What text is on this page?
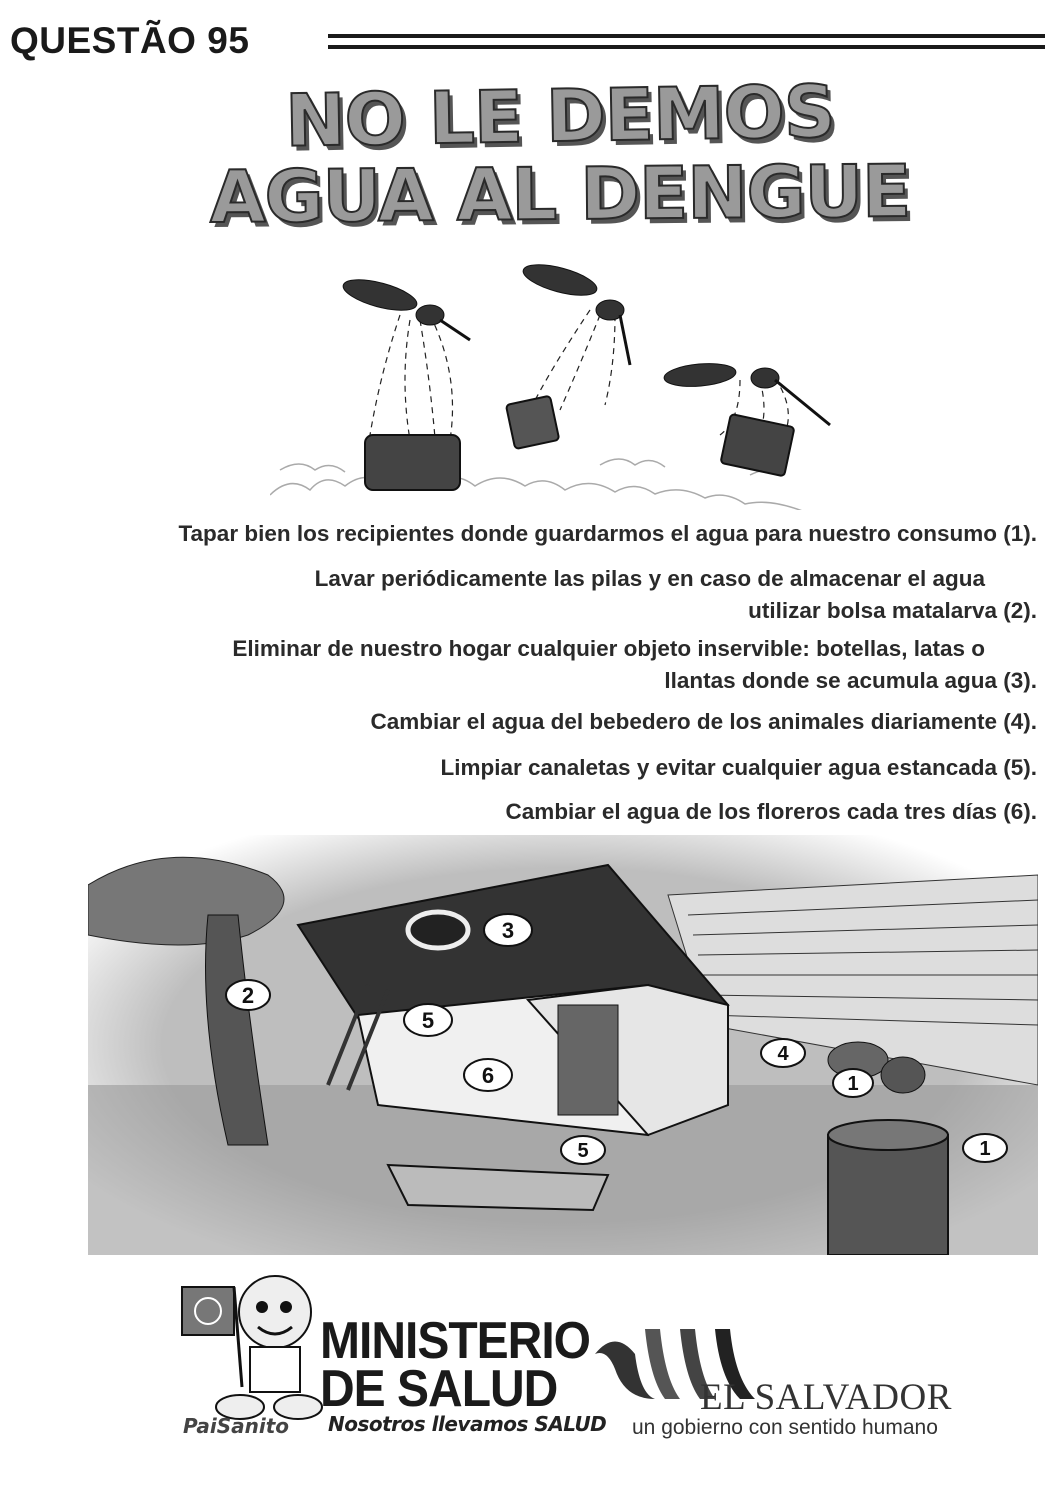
QUESTÃO 95
NO LE DEMOS
AGUA AL DENGUE
Tapar bien los recipientes donde guardarmos el agua para nuestro consumo (1).
Lavar periódicamente las pilas y en caso de almacenar el agua
utilizar bolsa matalarva (2).
Eliminar de nuestro hogar cualquier objeto inservible: botellas, latas o
llantas donde se acumula agua (3).
Cambiar el agua del bebedero de los animales diariamente (4).
Limpiar canaletas y evitar cualquier agua estancada (5).
Cambiar el agua de los floreros cada tres días (6).
3
2
5
6
4
1
5	1
PaiSanito
MINISTERIO
DE SALUD
Nosotros llevamos SALUD
EL SALVADOR
un gobierno con sentido humano
